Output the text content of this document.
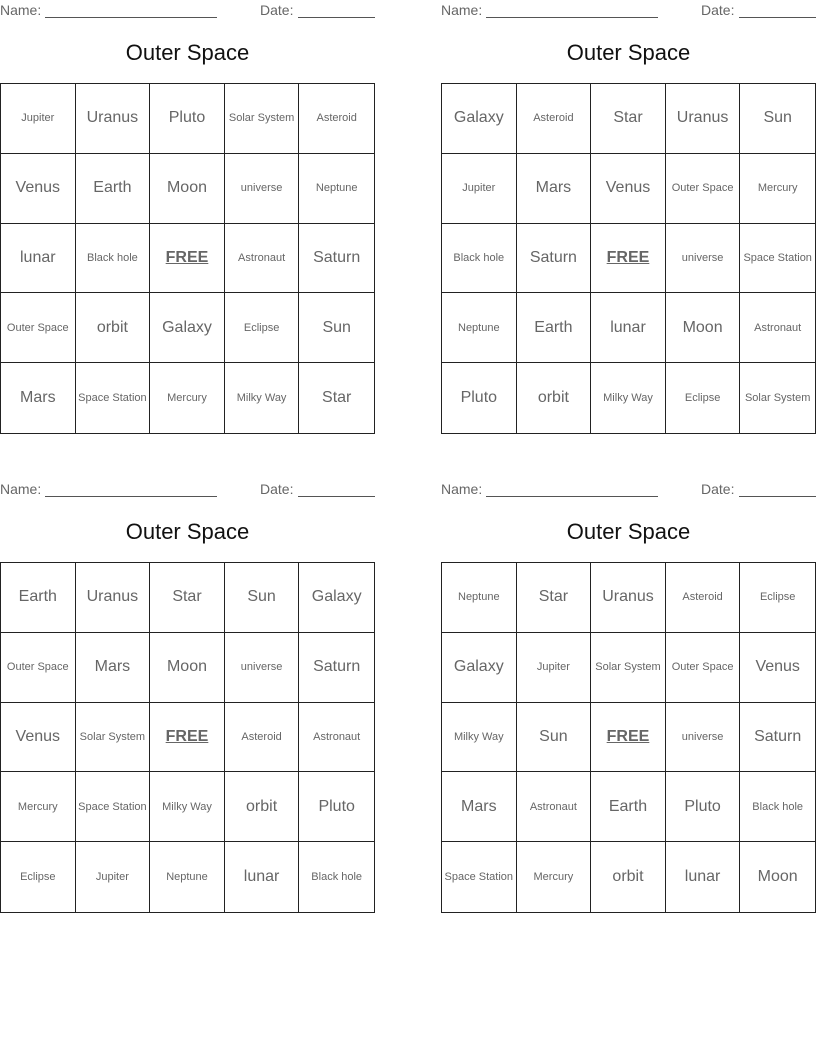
Name:	Date:
Outer Space
Jupiter	Uranus	Pluto	Solar System	Asteroid
Venus	Earth	Moon	universe	Neptune
lunar	Black hole	FREE	Astronaut	Saturn
Outer Space	orbit	Galaxy	Eclipse	Sun
Mars	Space Station	Mercury	Milky Way	Star
Name:	Date:
Outer Space
Galaxy	Asteroid	Star	Uranus	Sun
Jupiter	Mars	Venus	Outer Space	Mercury
Black hole	Saturn	FREE	universe	Space Station
Neptune	Earth	lunar	Moon	Astronaut
Pluto	orbit	Milky Way	Eclipse	Solar System
Name:	Date:
Outer Space
Earth	Uranus	Star	Sun	Galaxy
Outer Space	Mars	Moon	universe	Saturn
Venus	Solar System	FREE	Asteroid	Astronaut
Mercury	Space Station	Milky Way	orbit	Pluto
Eclipse	Jupiter	Neptune	lunar	Black hole
Name:	Date:
Outer Space
Neptune	Star	Uranus	Asteroid	Eclipse
Galaxy	Jupiter	Solar System	Outer Space	Venus
Milky Way	Sun	FREE	universe	Saturn
Mars	Astronaut	Earth	Pluto	Black hole
Space Station	Mercury	orbit	lunar	Moon
